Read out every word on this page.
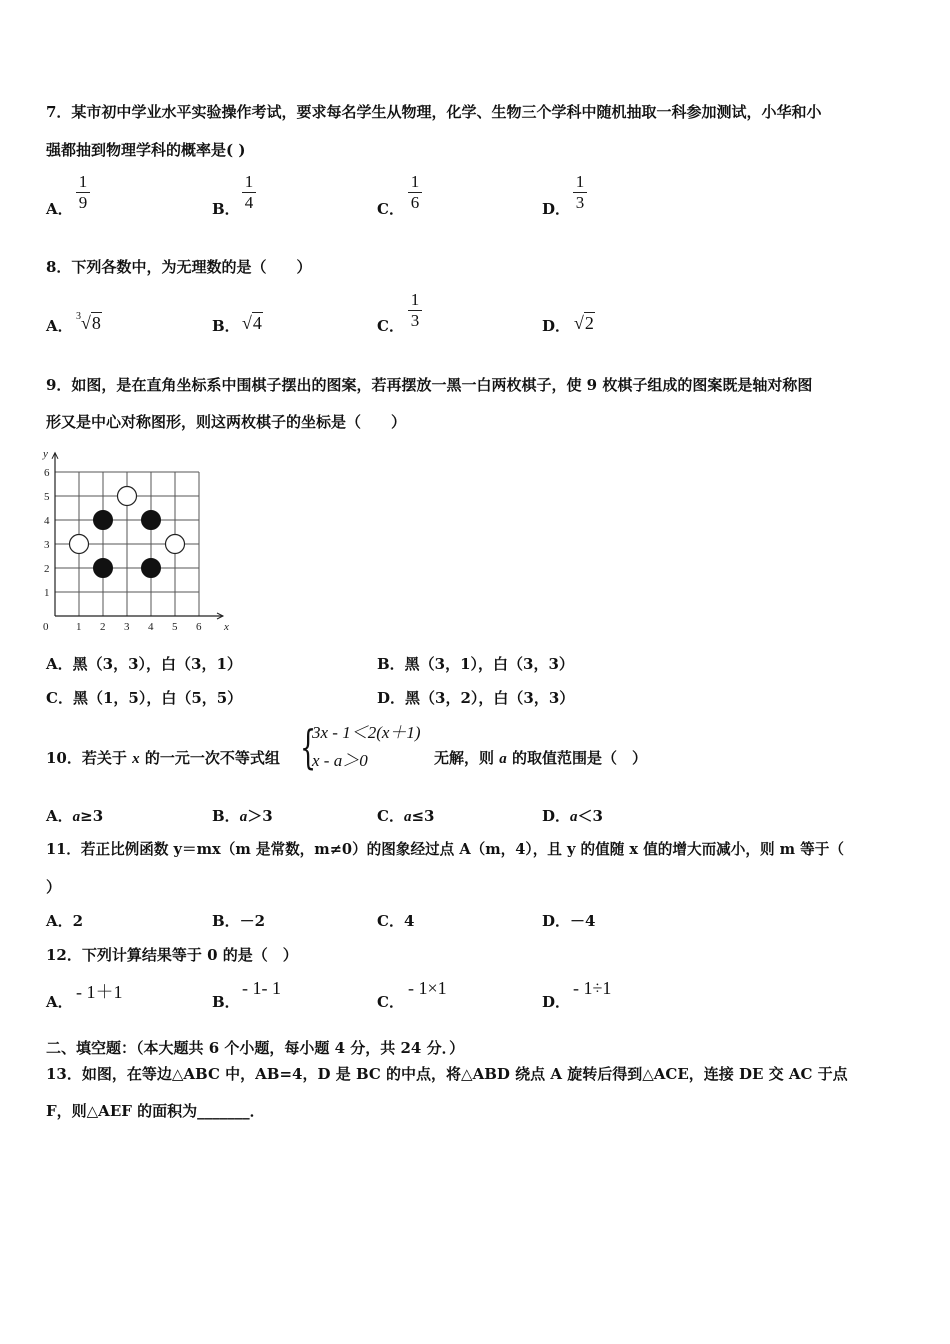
7．某市初中学业水平实验操作考试，要求每名学生从物理，化学、生物三个学科中随机抽取一科参加测试，小华和小
强都抽到物理学科的概率是( )
A．
1
9	B．
1
4	C．
1
6	D．
1
3
8．下列各数中，为无理数的是（　　）
A．
$^3$√8	B． √4	C．
1
3	D． √2
9．如图，是在直角坐标系中围棋子摆出的图案，若再摆放一黑一白两枚棋子，使 9 枚棋子组成的图案既是轴对称图
形又是中心对称图形，则这两枚棋子的坐标是（　　）
0	1 2 3 4 5 6
1
2
3
4
5
6
x
y
A．黑（3，3），白（3，1）	B．黑（3，1），白（3，3）
C．黑（1，5），白（5，5）	D．黑（3，2），白（3，3）
10．若关于 x 的一元一次不等式组 {
3x - 1＜2(x＋1)
x - a＞0	无解，则 a 的取值范围是（　）
A．a≥3	B．a＞3	C．a≤3	D．a＜3
11．若正比例函数 y＝mx（m 是常数，m≠0）的图象经过点 A（m，4），且 y 的值随 x 值的增大而减小，则 m 等于（
）
A．2	B．－2	C．4	D．－4
12．下列计算结果等于 0 的是（　）
A． - 1＋1	B．
- 1- 1
C．
- 1×1
D．
- 1÷1
二、填空题：（本大题共 6 个小题，每小题 4 分，共 24 分．）
13．如图，在等边△ABC 中，AB=4，D 是 BC 的中点，将△ABD 绕点 A 旋转后得到△ACE，连接 DE 交 AC 于点
F，则△AEF 的面积为_______．
